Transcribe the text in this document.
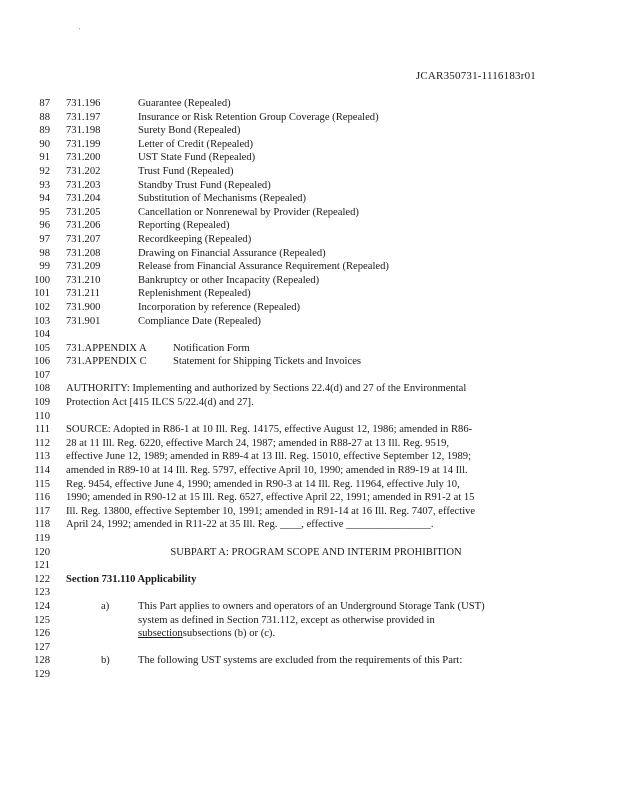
'
JCAR350731-1116183r01
87 731.196	Guarantee (Repealed)
88 731.197	Insurance or Risk Retention Group Coverage (Repealed)
89 731.198	Surety Bond (Repealed)
90 731.199	Letter of Credit (Repealed)
91 731.200	UST State Fund (Repealed)
92 731.202	Trust Fund (Repealed)
93 731.203	Standby Trust Fund (Repealed)
94 731.204	Substitution of Mechanisms (Repealed)
95 731.205	Cancellation or Nonrenewal by Provider (Repealed)
96 731.206	Reporting (Repealed)
97 731.207	Recordkeeping (Repealed)
98 731.208	Drawing on Financial Assurance (Repealed)
99 731.209	Release from Financial Assurance Requirement (Repealed)
100 731.210	Bankruptcy or other Incapacity (Repealed)
101 731.211	Replenishment (Repealed)
102 731.900	Incorporation by reference (Repealed)
103 731.901	Compliance Date (Repealed)
104
105 731.APPENDIX A Notification Form
106 731.APPENDIX C Statement for Shipping Tickets and Invoices
107
108 AUTHORITY: Implementing and authorized by Sections 22.4(d) and 27 of the Environmental
109 Protection Act [415 ILCS 5/22.4(d) and 27].
110
111 SOURCE: Adopted in R86-1 at 10 Ill. Reg. 14175, effective August 12, 1986; amended in R86-
112 28 at 11 Ill. Reg. 6220, effective March 24, 1987; amended in R88-27 at 13 Ill. Reg. 9519,
113 effective June 12, 1989; amended in R89-4 at 13 Ill. Reg. 15010, effective September 12, 1989;
114 amended in R89-10 at 14 Ill. Reg. 5797, effective April 10, 1990; amended in R89-19 at 14 Ill.
115 Reg. 9454, effective June 4, 1990; amended in R90-3 at 14 Ill. Reg. 11964, effective July 10,
116 1990; amended in R90-12 at 15 Ill. Reg. 6527, effective April 22, 1991; amended in R91-2 at 15
117 Ill. Reg. 13800, effective September 10, 1991; amended in R91-14 at 16 Ill. Reg. 7407, effective
118 April 24, 1992; amended in R11-22 at 35 Ill. Reg. ____, effective ________________.
119
120	SUBPART A: PROGRAM SCOPE AND INTERIM PROHIBITION
121
122 Section 731.110 Applicability
123
124	a)	This Part applies to owners and operators of an Underground Storage Tank (UST)
125	system as defined in Section 731.112, except as otherwise provided in
126	subsectionsubsections (b) or (c).
127
128	b)	The following UST systems are excluded from the requirements of this Part:
129
